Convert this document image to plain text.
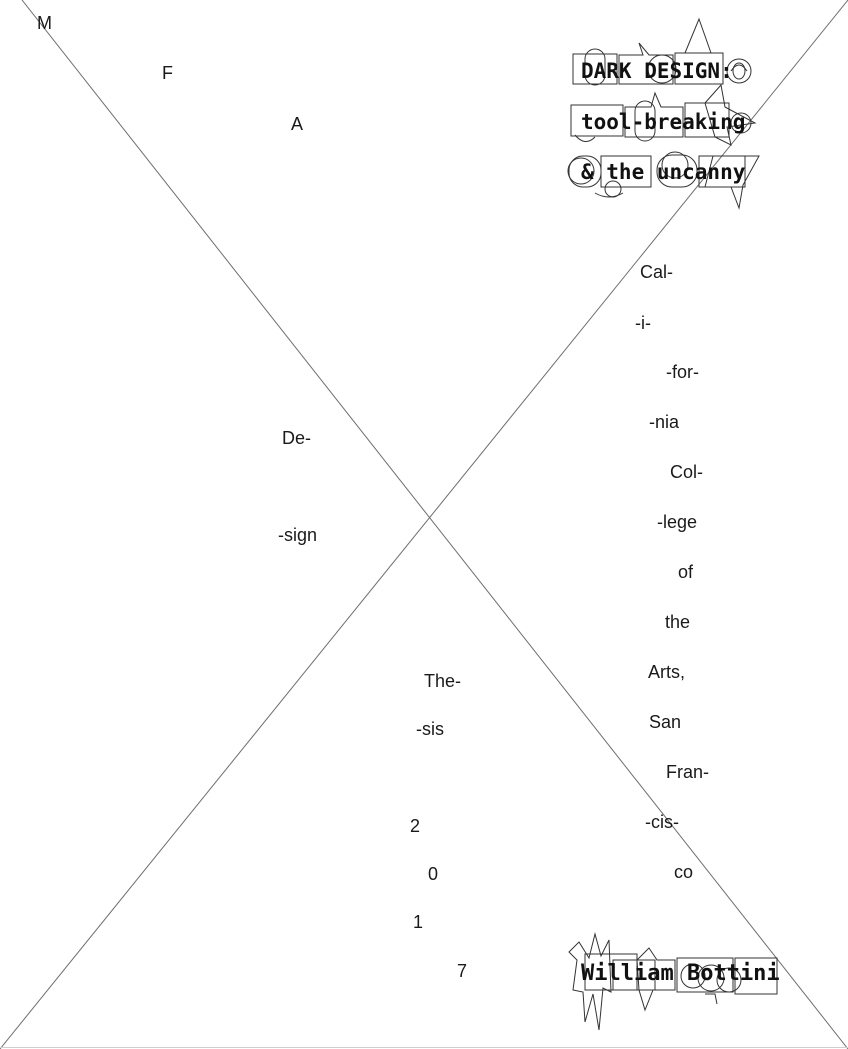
M
F
A
De-
-sign
The-
-sis
2
0
1
7
Cal-
-i-
-for-
-nia
Col-
-lege
of
the
Arts,
San
Fran-
-cis-
co
DARK DESIGN:
tool-breaking
& the uncanny
William Bottini
